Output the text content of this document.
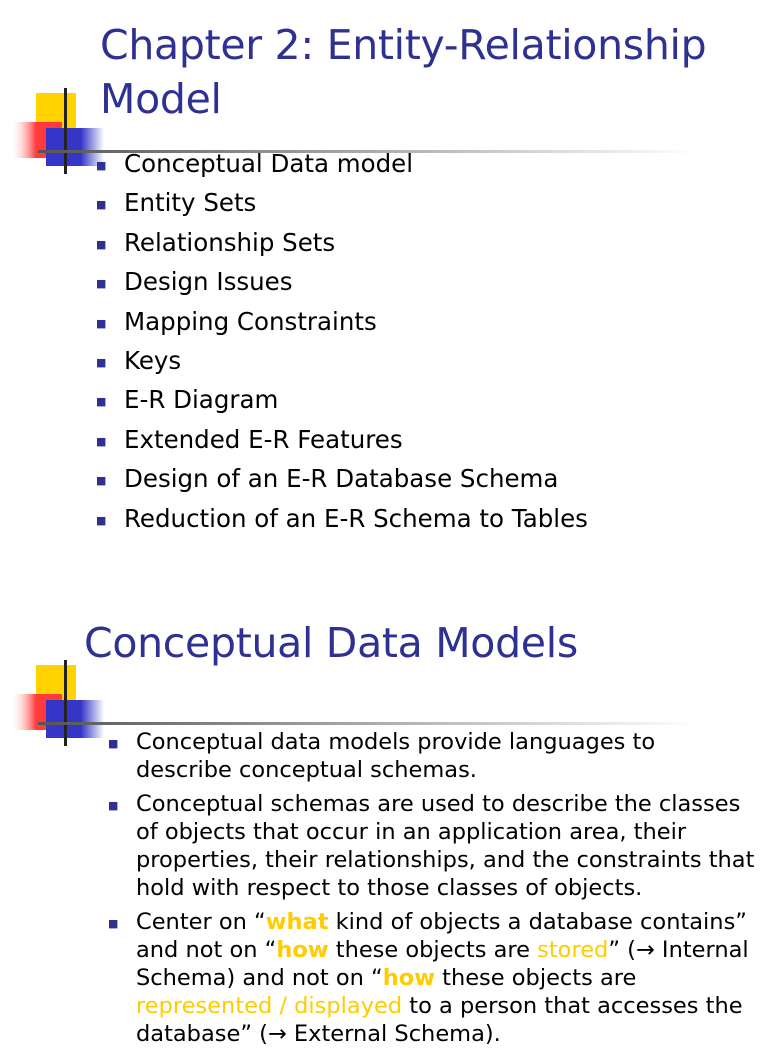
Chapter 2: Entity-Relationship Model
■ Conceptual Data model
■ Entity Sets
■ Relationship Sets
■ Design Issues
■ Mapping Constraints
■ Keys
■ E-R Diagram
■ Extended E-R Features
■ Design of an E-R Database Schema
■ Reduction of an E-R Schema to Tables
Conceptual Data Models
■ Conceptual data models provide languages to describe conceptual schemas.
■ Conceptual schemas are used to describe the classes of objects that occur in an application area, their properties, their relationships, and the constraints that hold with respect to those classes of objects.
■ Center on “what kind of objects a database contains” and not on “how these objects are stored” (→ Internal Schema) and not on “how these objects are represented / displayed to a person that accesses the database” (→ External Schema).
